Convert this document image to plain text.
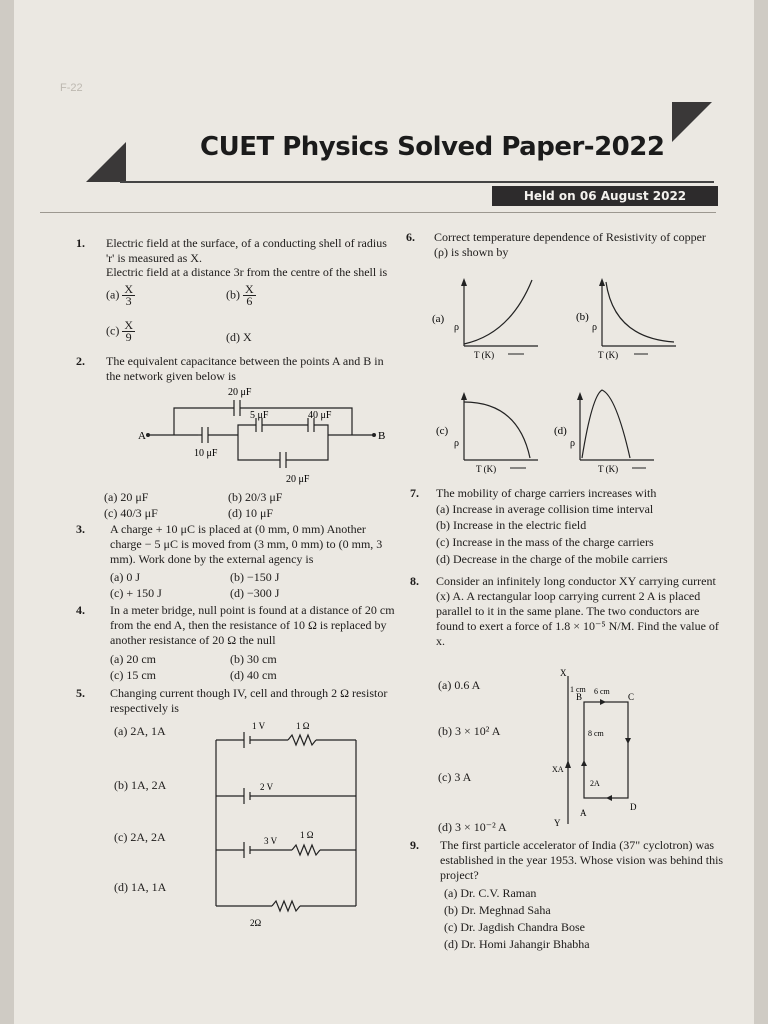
F-22
CUET Physics Solved Paper-2022
Held on 06 August 2022
1. Electric field at the surface, of a conducting shell of radius 'r' is measured as X.
Electric field at a distance 3r from the centre of the shell is
$(a) \frac{X}{3}$	$(b) \frac{X}{6}$
$(c) \frac{X}{9}$	(d) X
2. The equivalent capacitance between the points A and B in the network given below is
A	B
20 μF
5 μF	40 μF
10 μF
20 μF
(a) 20 μF	(b) 20/3 μF
(c) 40/3 μF	(d) 10 μF
3. A charge + 10 μC is placed at (0 mm, 0 mm) Another charge − 5 μC is moved from (3 mm, 0 mm) to (0 mm, 3 mm). Work done by the external agency is
(a) 0 J	(b) −150 J
(c) + 150 J	(d) −300 J
4. In a meter bridge, null point is found at a distance of 20 cm from the end A, then the resistance of 10 Ω is replaced by another resistance of 20 Ω the null
(a) 20 cm	(b) 30 cm
(c) 15 cm	(d) 40 cm
5. Changing current though IV, cell and through 2 Ω resistor respectively is
(a) 2A, 1A
(b) 1A, 2A
(c) 2A, 2A
(d) 1A, 1A
1 V	1 Ω
2 V
3 V
1 Ω
2Ω
6. Correct temperature dependence of Resistivity of copper (ρ) is shown by
(a)	(b)
(c)	(d)
ρ	ρ
ρ	ρ
T (K)	T (K)
T (K)	T (K)
7. The mobility of charge carriers increases with
(a) Increase in average collision time interval
(b) Increase in the electric field
(c) Increase in the mass of the charge carriers
(d) Decrease in the charge of the mobile carriers
8. Consider an infinitely long conductor XY carrying current (x) A. A rectangular loop carrying current 2 A is placed parallel to it in the same plane. The two conductors are found to exert a force of 1.8 × 10⁻⁵ N/M. Find the value of x.
(a) 0.6 A
(b) 3 × 10² A
(c) 3 A
(d) 3 × 10⁻² A
X
Y
B	C
A
D
6 cm
8 cm
1 cm
XA
2A
9. The first particle accelerator of India (37" cyclotron) was established in the year 1953. Whose vision was behind this project?
(a) Dr. C.V. Raman
(b) Dr. Meghnad Saha
(c) Dr. Jagdish Chandra Bose
(d) Dr. Homi Jahangir Bhabha
